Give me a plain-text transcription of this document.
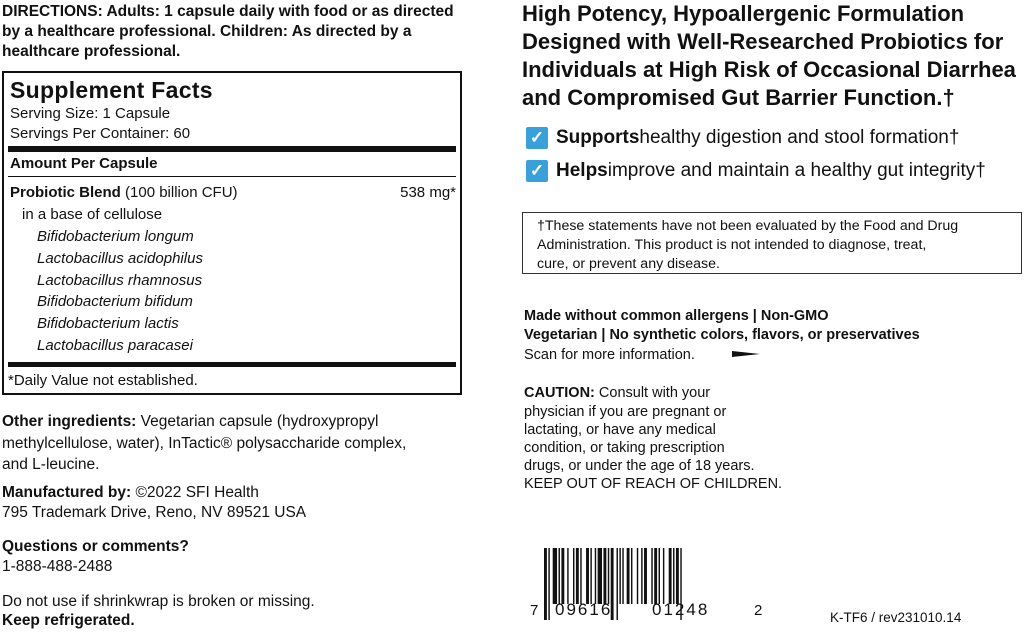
DIRECTIONS: Adults: 1 capsule daily with food or as directed by a healthcare professional. Children: As directed by a healthcare professional.
Supplement Facts
Serving Size: 1 Capsule
Servings Per Container: 60
Amount Per Capsule
Probiotic Blend (100 billion CFU)	538 mg*
in a base of cellulose
Bifidobacterium longum
Lactobacillus acidophilus
Lactobacillus rhamnosus
Bifidobacterium bifidum
Bifidobacterium lactis
Lactobacillus paracasei
*Daily Value not established.
Other ingredients: Vegetarian capsule (hydroxypropyl
methylcellulose, water), InTactic® polysaccharide complex,
and L-leucine.
Manufactured by: ©2022 SFI Health
795 Trademark Drive, Reno, NV 89521 USA
Questions or comments?
1-888-488-2488
Do not use if shrinkwrap is broken or missing.
Keep refrigerated.
High Potency, Hypoallergenic Formulation
Designed with Well-Researched Probiotics for
Individuals at High Risk of Occasional Diarrhea
and Compromised Gut Barrier Function.†
✓ Supports healthy digestion and stool formation†
✓ Helps improve and maintain a healthy gut integrity†
†These statements have not been evaluated by the Food and Drug
Administration. This product is not intended to diagnose, treat,
cure, or prevent any disease.
Made without common allergens | Non-GMO
Vegetarian | No synthetic colors, flavors, or preservatives
Scan for more information.
CAUTION: Consult with your
physician if you are pregnant or
lactating, or have any medical
condition, or taking prescription
drugs, or under the age of 18 years.
KEEP OUT OF REACH OF CHILDREN.
7 09616 01248	2	K-TF6 / rev231010.14
